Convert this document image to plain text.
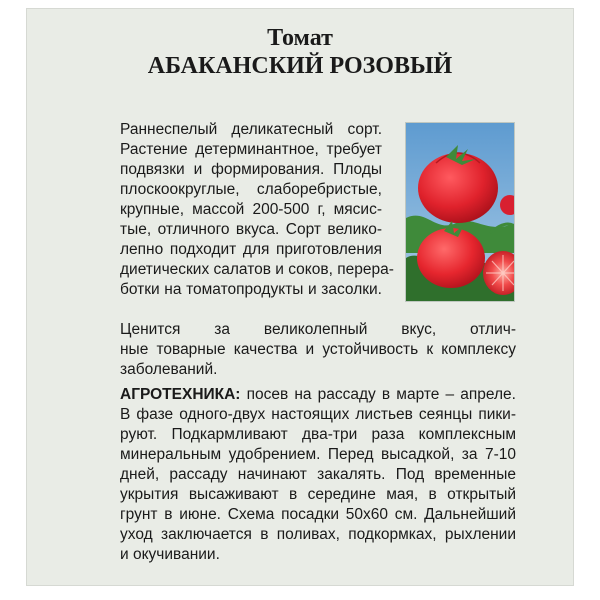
Томат
АБАКАНСКИЙ РОЗОВЫЙ
Раннеспелый деликатесный сорт.
Растение детерминантное, требует
подвязки и формирования. Плоды
плоскоокруглые, слаборебристые,
крупные, массой 200-500 г, мясис-
тые, отличного вкуса. Сорт велико-
лепно подходит для приготовления
диетических салатов и соков, перера-
ботки на томатопродукты и засолки.
Ценится за великолепный вкус, отлич-
ные товарные качества и устойчивость к комплексу
заболеваний.
АГРОТЕХНИКА: посев на рассаду в марте – апреле.
В фазе одного-двух настоящих листьев сеянцы пики-
руют. Подкармливают два-три раза комплексным
минеральным удобрением. Перед высадкой, за 7-10
дней, рассаду начинают закалять. Под временные
укрытия высаживают в середине мая, в открытый
грунт в июне. Схема посадки 50х60 см. Дальнейший
уход заключается в поливах, подкормках, рыхлении
и окучивании.
